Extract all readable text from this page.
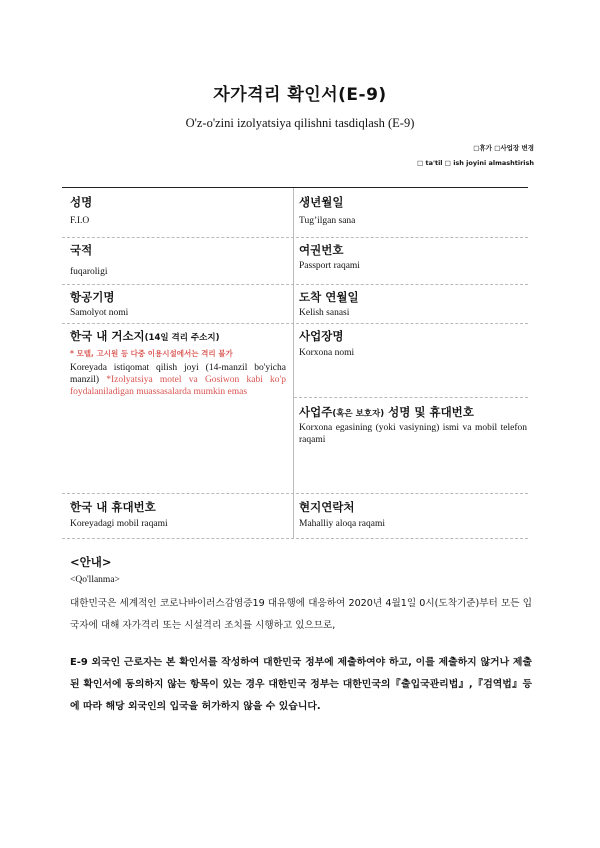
자가격리 확인서(E-9)
O'z-o'zini izolyatsiya qilishni tasdiqlash (E-9)
□휴가 □사업장 변경
□ ta'til □ ish joyini almashtirish
성명
F.I.O
생년월일
Tug’ilgan sana
국적
fuqaroligi
여권번호
Passport raqami
항공기명
Samolyot nomi
도착 연월일
Kelish sanasi
한국 내 거소지(14일 격리 주소지)
* 모텔, 고시원 등 다중 이용시설에서는 격리 불가
Koreyada istiqomat qilish joyi (14-manzil bo'yicha manzil) *Izolyatsiya motel va Gosiwon kabi ko'p foydalaniladigan muassasalarda mumkin emas
사업장명
Korxona nomi
사업주(혹은 보호자) 성명 및 휴대번호
Korxona egasining (yoki vasiyning) ismi va mobil telefon raqami
한국 내 휴대번호
Koreyadagi mobil raqami
현지연락처
Mahalliy aloqa raqami
<안내>
<Qo'llanma>
대한민국은 세계적인 코로나바이러스감염증19 대유행에 대응하여 2020년 4월1일 0시(도착기준)부터 모든 입국자에 대해 자가격리 또는 시설격리 조치를 시행하고 있으므로,
E-9 외국인 근로자는 본 확인서를 작성하여 대한민국 정부에 제출하여야 하고, 이를 제출하지 않거나 제출된 확인서에 동의하지 않는 항목이 있는 경우 대한민국 정부는 대한민국의『출입국관리법』,『검역법』등에 따라 해당 외국인의 입국을 허가하지 않을 수 있습니다.
